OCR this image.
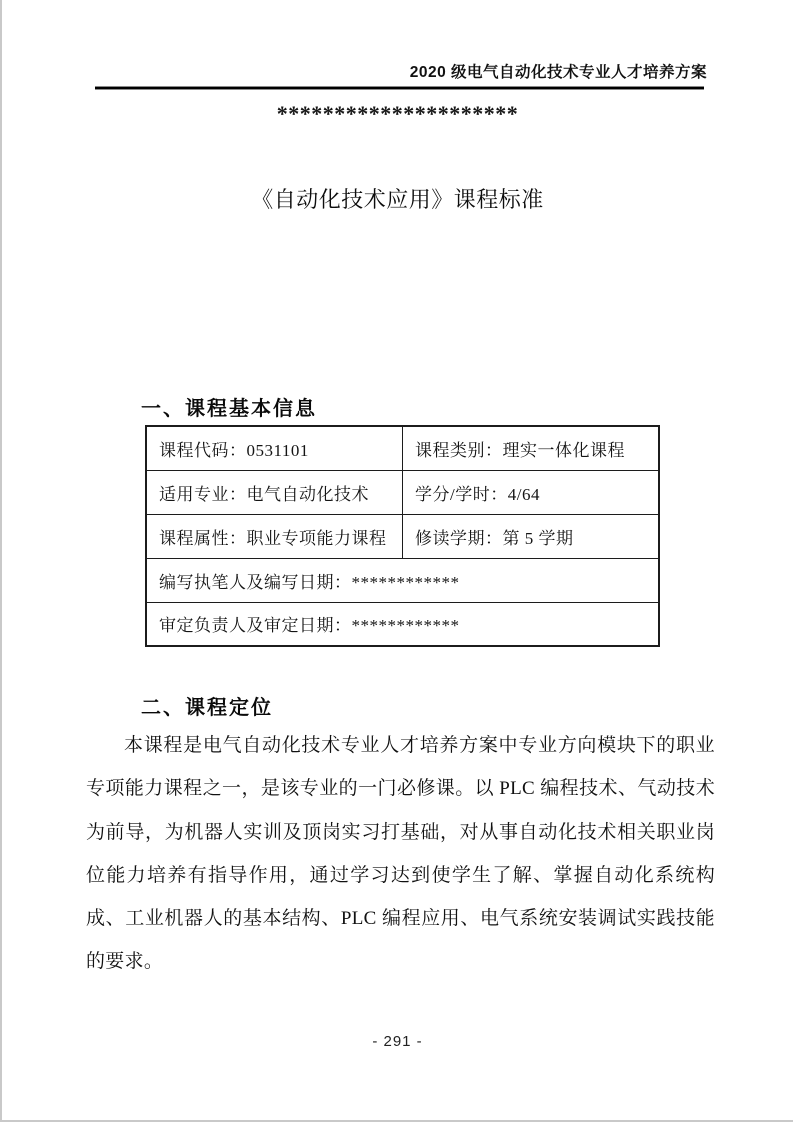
2020 级电气自动化技术专业人才培养方案
*********************
《自动化技术应用》课程标准
一、课程基本信息
课程代码：0531101	课程类别：理实一体化课程
适用专业：电气自动化技术	学分/学时：4/64
课程属性：职业专项能力课程	修读学期：第 5 学期
编写执笔人及编写日期：************	
审定负责人及审定日期：************	
二、课程定位
本课程是电气自动化技术专业人才培养方案中专业方向模块下的职业专项能力课程之一，是该专业的一门必修课。以 PLC 编程技术、气动技术为前导，为机器人实训及顶岗实习打基础，对从事自动化技术相关职业岗位能力培养有指导作用，通过学习达到使学生了解、掌握自动化系统构成、工业机器人的基本结构、PLC 编程应用、电气系统安装调试实践技能的要求。
- 291 -
